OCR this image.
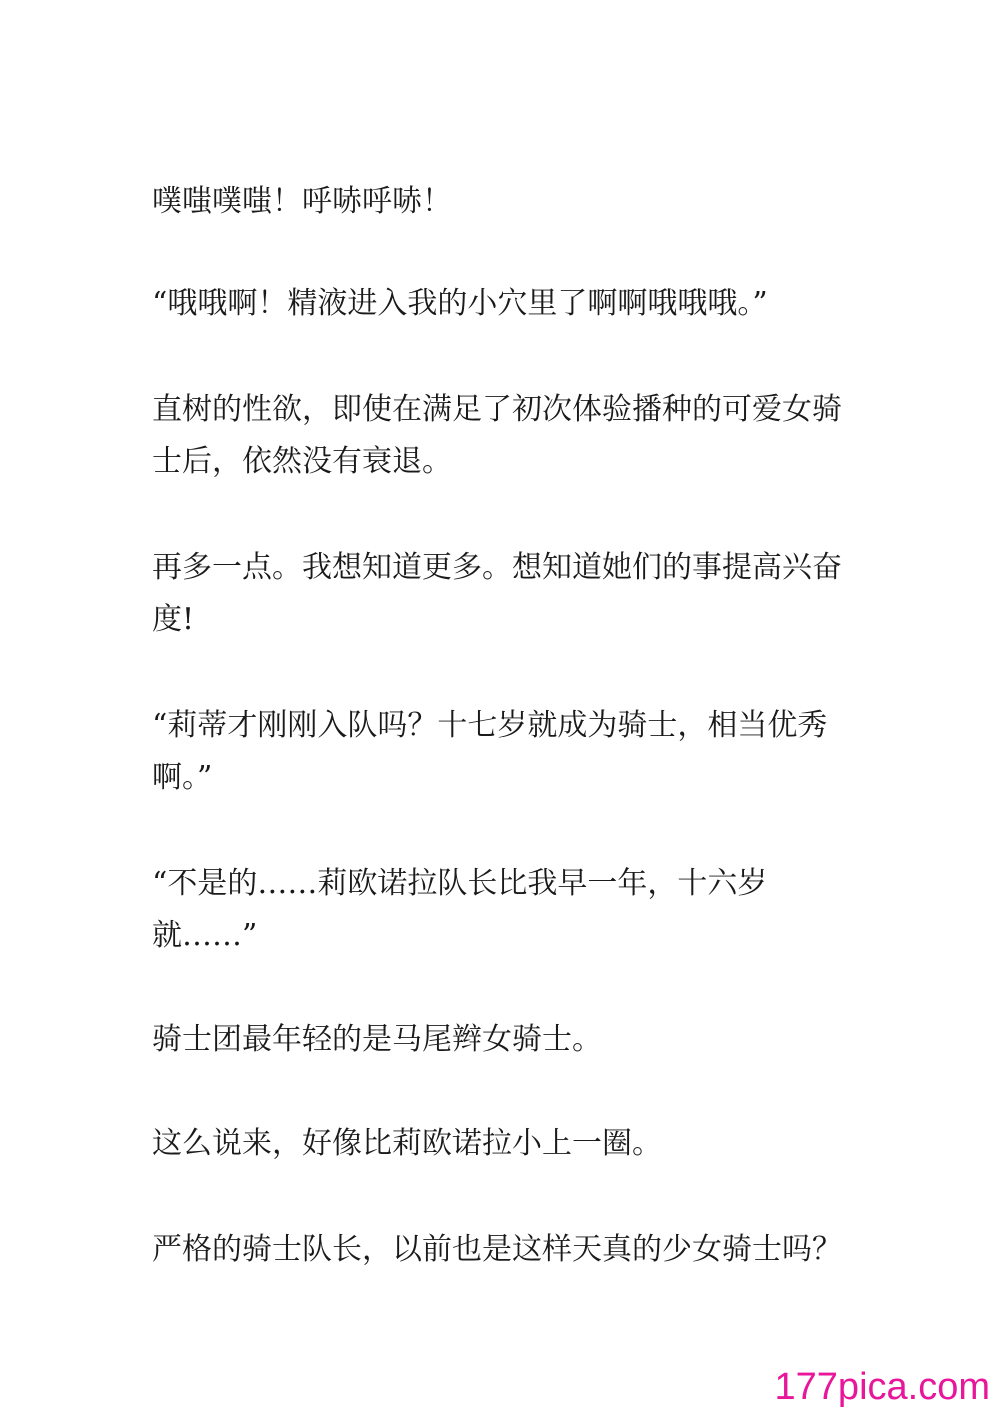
噗嗤噗嗤！呼哧呼哧！

“哦哦啊！精液进入我的小穴里了啊啊哦哦哦。”

直树的性欲，即使在满足了初次体验播种的可爱女骑士后，依然没有衰退。

再多一点。我想知道更多。想知道她们的事提高兴奋度!

“莉蒂才刚刚入队吗？十七岁就成为骑士，相当优秀啊。”

“不是的……莉欧诺拉队长比我早一年，十六岁就……”

骑士团最年轻的是马尾辫女骑士。

这么说来，好像比莉欧诺拉小上一圈。

严格的骑士队长，以前也是这样天真的少女骑士吗？

177pica.com
